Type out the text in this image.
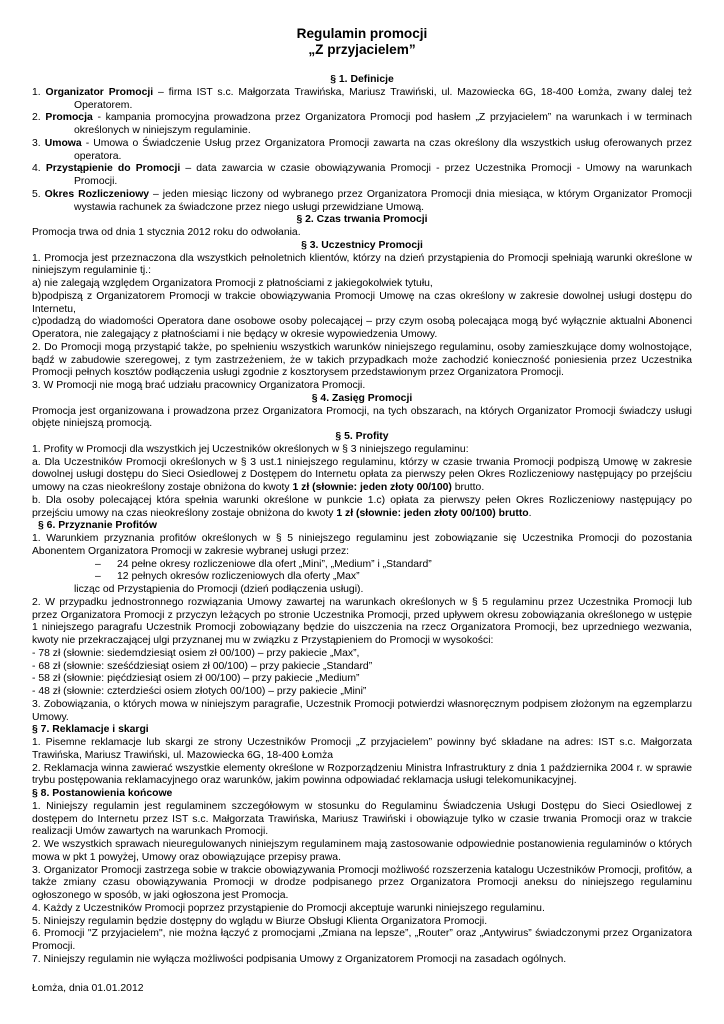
Regulamin promocji
„Z przyjacielem”
§ 1. Definicje
1. Organizator Promocji – firma IST s.c. Małgorzata Trawińska, Mariusz Trawiński, ul. Mazowiecka 6G, 18-400 Łomża, zwany dalej też Operatorem.
2. Promocja - kampania promocyjna prowadzona przez Organizatora Promocji pod hasłem „Z przyjacielem” na warunkach i w terminach określonych w niniejszym regulaminie.
3. Umowa - Umowa o Świadczenie Usług przez Organizatora Promocji zawarta na czas określony dla wszystkich usług oferowanych przez operatora.
4. Przystąpienie do Promocji – data zawarcia w czasie obowiązywania Promocji - przez Uczestnika Promocji - Umowy na warunkach Promocji.
5. Okres Rozliczeniowy – jeden miesiąc liczony od wybranego przez Organizatora Promocji dnia miesiąca, w którym Organizator Promocji wystawia rachunek za świadczone przez niego usługi przewidziane Umową.
§ 2. Czas trwania Promocji
Promocja trwa od dnia 1 stycznia 2012 roku do odwołania.
§ 3. Uczestnicy Promocji
1. Promocja jest przeznaczona dla wszystkich pełnoletnich klientów, którzy na dzień przystąpienia do Promocji spełniają warunki określone w niniejszym regulaminie tj.:
a) nie zalegają względem Organizatora Promocji z płatnościami z jakiegokolwiek tytułu,
b)podpiszą z Organizatorem Promocji w trakcie obowiązywania Promocji Umowę na czas określony w zakresie dowolnej usługi dostępu do Internetu,
c)podadzą do wiadomości Operatora dane osobowe osoby polecającej – przy czym osobą polecająca mogą być wyłącznie aktualni Abonenci Operatora, nie zalegający z płatnościami i nie będący w okresie wypowiedzenia Umowy.
2. Do Promocji mogą przystąpić także, po spełnieniu wszystkich warunków niniejszego regulaminu, osoby zamieszkujące domy wolnostojące, bądź w zabudowie szeregowej, z tym zastrzeżeniem, że w takich przypadkach może zachodzić konieczność poniesienia przez Uczestnika Promocji pełnych kosztów podłączenia usługi zgodnie z kosztorysem przedstawionym przez Organizatora Promocji.
3. W Promocji nie mogą brać udziału pracownicy Organizatora Promocji.
§ 4. Zasięg Promocji
Promocja jest organizowana i prowadzona przez Organizatora Promocji, na tych obszarach, na których Organizator Promocji świadczy usługi objęte niniejszą promocją.
§ 5. Profity
1. Profity w Promocji dla wszystkich jej Uczestników określonych w § 3 niniejszego regulaminu:
a. Dla Uczestników Promocji określonych w § 3 ust.1 niniejszego regulaminu, którzy w czasie trwania Promocji podpiszą Umowę w zakresie dowolnej usługi dostępu do Sieci Osiedlowej z Dostępem do Internetu opłata za pierwszy pełen Okres Rozliczeniowy następujący po przejściu umowy na czas nieokreślony zostaje obniżona do kwoty 1 zł (słownie: jeden złoty 00/100) brutto.
b. Dla osoby polecającej która spełnia warunki określone w punkcie 1.c) opłata za pierwszy pełen Okres Rozliczeniowy następujący po przejściu umowy na czas nieokreślony zostaje obniżona do kwoty 1 zł (słownie: jeden złoty 00/100) brutto.
§ 6. Przyznanie Profitów
1. Warunkiem przyznania profitów określonych w § 5 niniejszego regulaminu jest zobowiązanie się Uczestnika Promocji do pozostania Abonentem Organizatora Promocji w zakresie wybranej usługi przez:
– 24 pełne okresy rozliczeniowe dla ofert „Mini”, „Medium” i „Standard”
– 12 pełnych okresów rozliczeniowych dla oferty „Max”
licząc od Przystąpienia do Promocji (dzień podłączenia usługi).
2. W przypadku jednostronnego rozwiązania Umowy zawartej na warunkach określonych w § 5 regulaminu przez Uczestnika Promocji lub przez Organizatora Promocji z przyczyn leżących po stronie Uczestnika Promocji, przed upływem okresu zobowiązania określonego w ustępie 1 niniejszego paragrafu Uczestnik Promocji zobowiązany będzie do uiszczenia na rzecz Organizatora Promocji, bez uprzedniego wezwania, kwoty nie przekraczającej ulgi przyznanej mu w związku z Przystąpieniem do Promocji w wysokości:
- 78 zł (słownie: siedemdziesiąt osiem zł 00/100) – przy pakiecie „Max”,
- 68 zł (słownie: sześćdziesiąt osiem zł 00/100) – przy pakiecie „Standard”
- 58 zł (słownie: pięćdziesiąt osiem zł 00/100) – przy pakiecie „Medium”
- 48 zł (słownie: czterdzieści osiem złotych 00/100) – przy pakiecie „Mini”
3. Zobowiązania, o których mowa w niniejszym paragrafie, Uczestnik Promocji potwierdzi własnoręcznym podpisem złożonym na egzemplarzu Umowy.
§ 7. Reklamacje i skargi
1. Pisemne reklamacje lub skargi ze strony Uczestników Promocji „Z przyjacielem” powinny być składane na adres: IST s.c. Małgorzata Trawińska, Mariusz Trawiński, ul. Mazowiecka 6G, 18-400 Łomża
2. Reklamacja winna zawierać wszystkie elementy określone w Rozporządzeniu Ministra Infrastruktury z dnia 1 października 2004 r. w sprawie trybu postępowania reklamacyjnego oraz warunków, jakim powinna odpowiadać reklamacja usługi telekomunikacyjnej.
§ 8. Postanowienia końcowe
1. Niniejszy regulamin jest regulaminem szczegółowym w stosunku do Regulaminu Świadczenia Usługi Dostępu do Sieci Osiedlowej z dostępem do Internetu przez IST s.c. Małgorzata Trawińska, Mariusz Trawiński i obowiązuje tylko w czasie trwania Promocji oraz w trakcie realizacji Umów zawartych na warunkach Promocji.
2. We wszystkich sprawach nieuregulowanych niniejszym regulaminem mają zastosowanie odpowiednie postanowienia regulaminów o których mowa w pkt 1 powyżej, Umowy oraz obowiązujące przepisy prawa.
3. Organizator Promocji zastrzega sobie w trakcie obowiązywania Promocji możliwość rozszerzenia katalogu Uczestników Promocji, profitów, a także zmiany czasu obowiązywania Promocji w drodze podpisanego przez Organizatora Promocji aneksu do niniejszego regulaminu ogłoszonego w sposób, w jaki ogłoszona jest Promocja.
4. Każdy z Uczestników Promocji poprzez przystąpienie do Promocji akceptuje warunki niniejszego regulaminu.
5. Niniejszy regulamin będzie dostępny do wglądu w Biurze Obsługi Klienta Organizatora Promocji.
6. Promocji "Z przyjacielem", nie można łączyć z promocjami „Zmiana na lepsze”, „Router” oraz „Antywirus” świadczonymi przez Organizatora Promocji.
7. Niniejszy regulamin nie wyłącza możliwości podpisania Umowy z Organizatorem Promocji na zasadach ogólnych.
Łomża, dnia 01.01.2012
